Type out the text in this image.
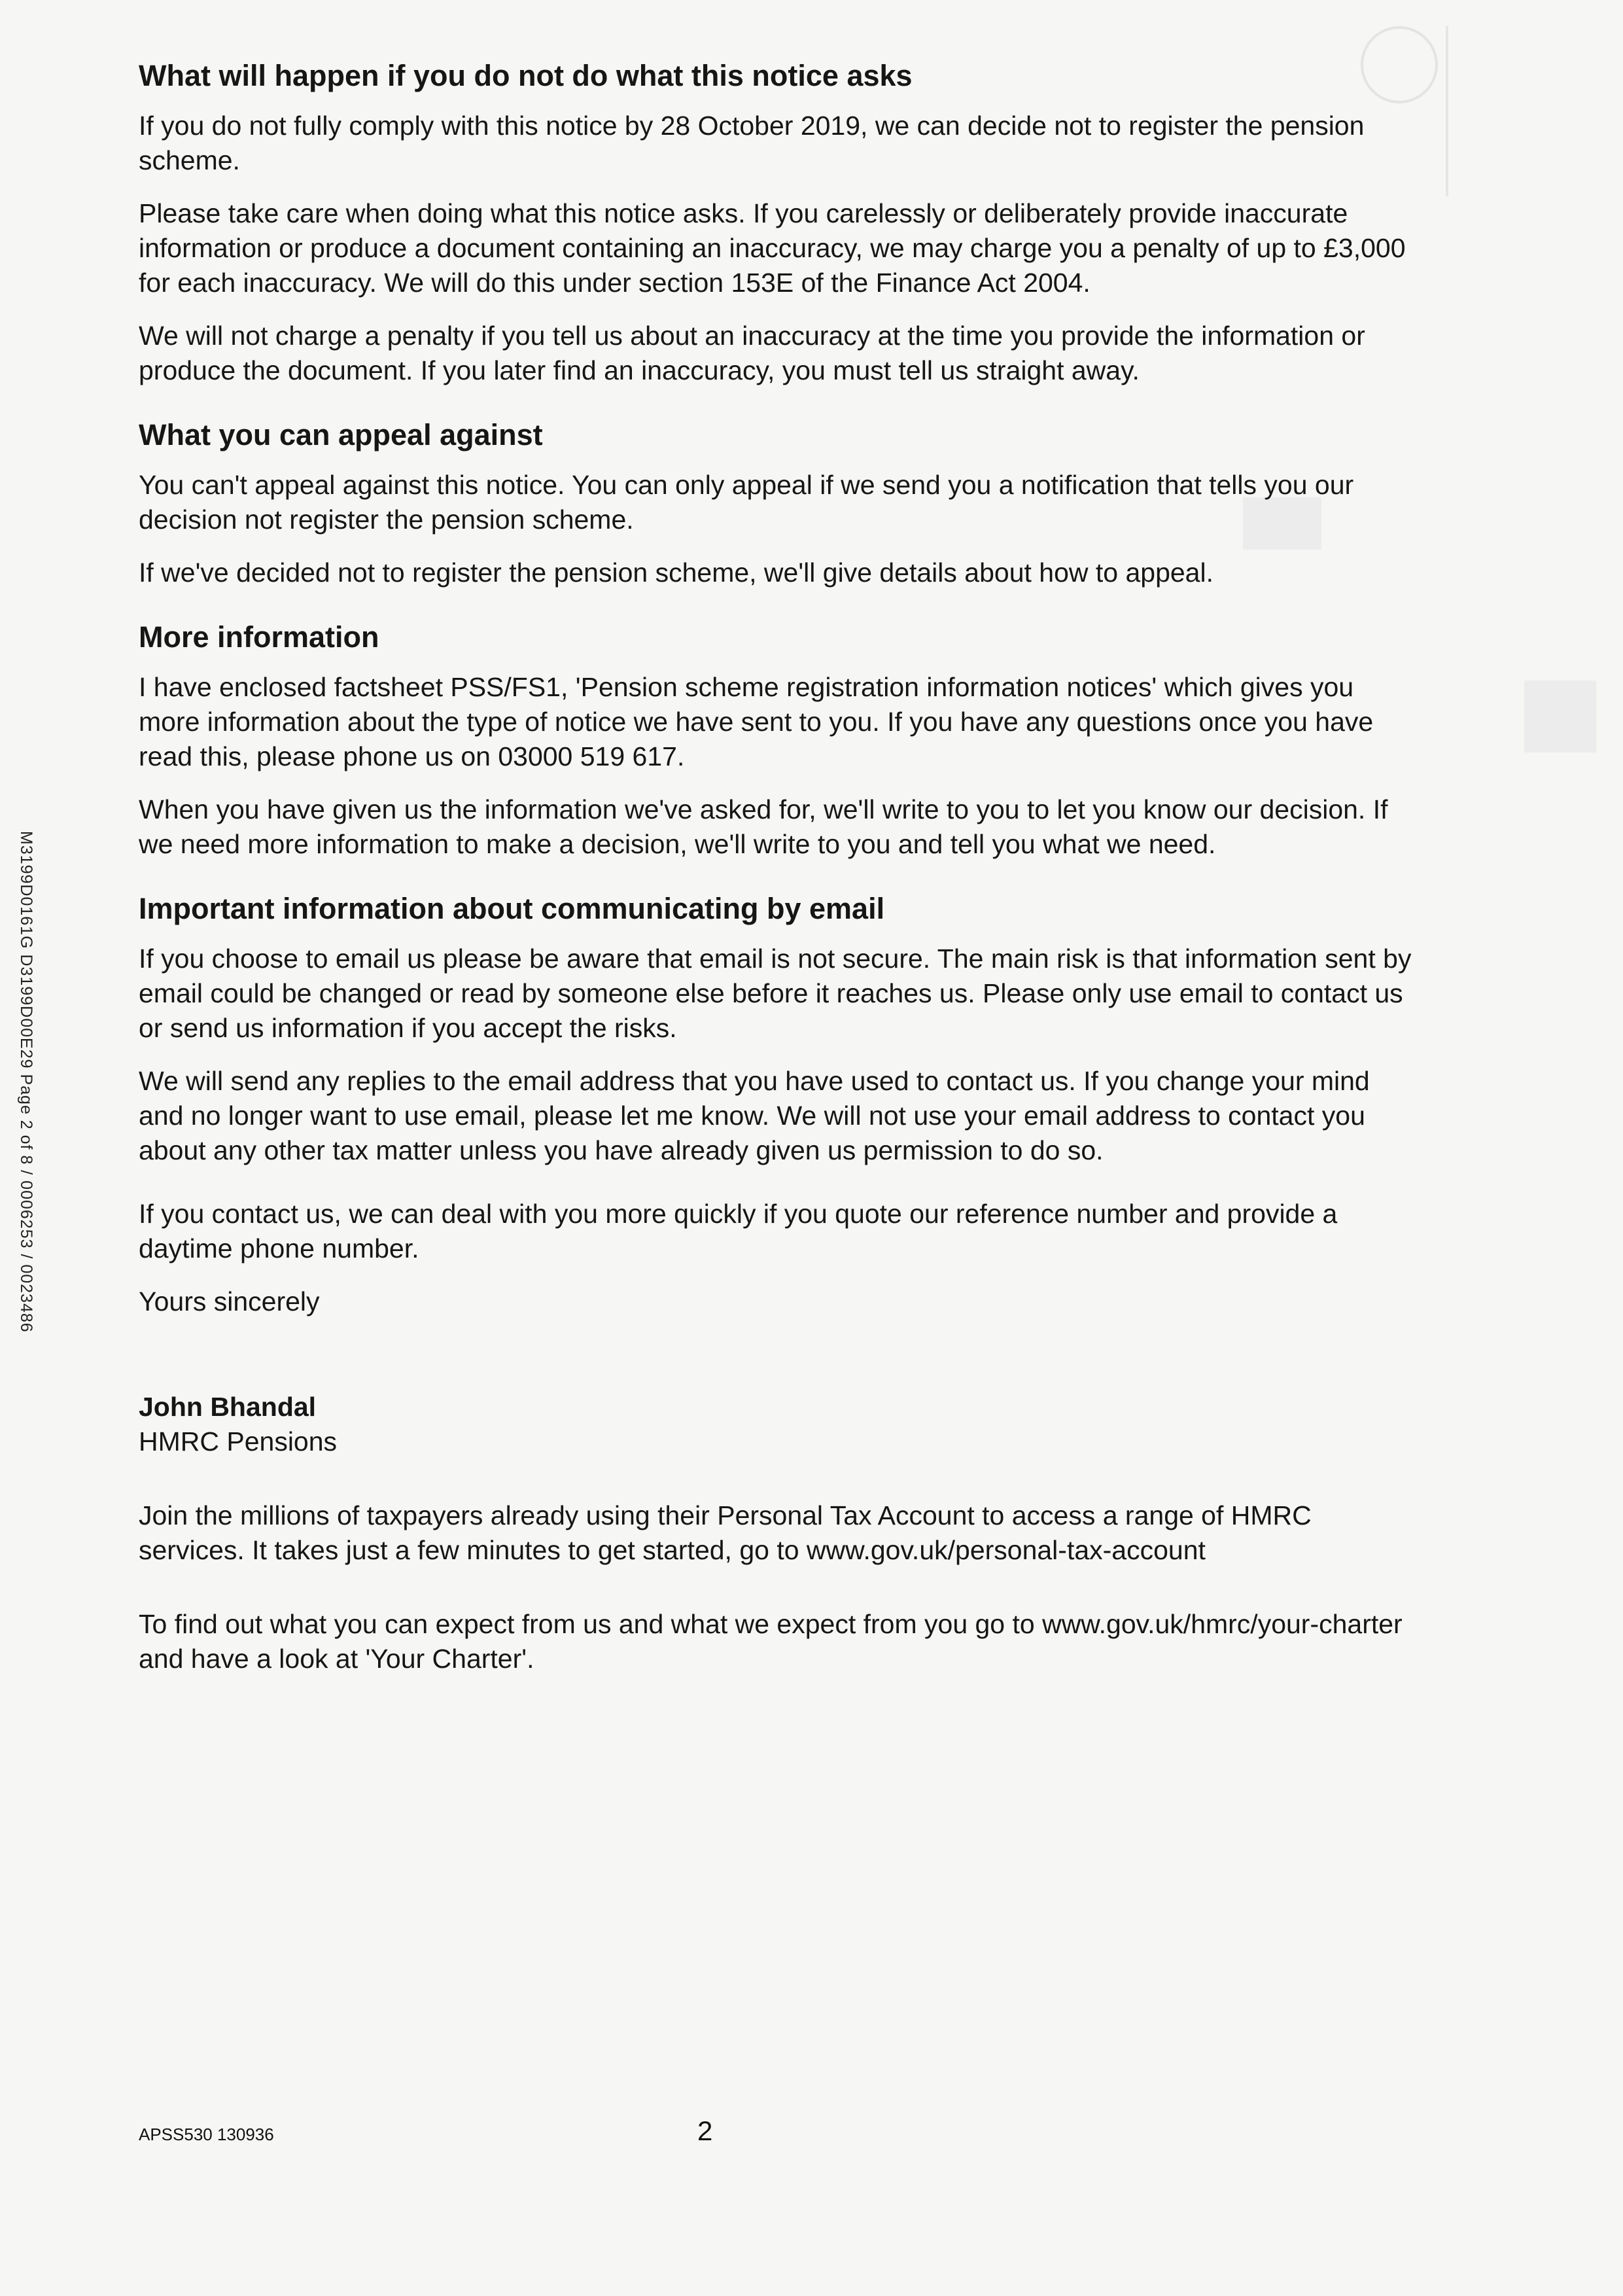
M3199D0161G D3199D00E29 Page 2 of 8 / 0006253 / 0023486
What will happen if you do not do what this notice asks

If you do not fully comply with this notice by 28 October 2019, we can decide not to register the pension scheme.

Please take care when doing what this notice asks. If you carelessly or deliberately provide inaccurate information or produce a document containing an inaccuracy, we may charge you a penalty of up to £3,000 for each inaccuracy. We will do this under section 153E of the Finance Act 2004.

We will not charge a penalty if you tell us about an inaccuracy at the time you provide the information or produce the document. If you later find an inaccuracy, you must tell us straight away.

What you can appeal against

You can't appeal against this notice. You can only appeal if we send you a notification that tells you our decision not register the pension scheme.

If we've decided not to register the pension scheme, we'll give details about how to appeal.

More information

I have enclosed factsheet PSS/FS1, 'Pension scheme registration information notices' which gives you more information about the type of notice we have sent to you. If you have any questions once you have read this, please phone us on 03000 519 617.

When you have given us the information we've asked for, we'll write to you to let you know our decision. If we need more information to make a decision, we'll write to you and tell you what we need.

Important information about communicating by email

If you choose to email us please be aware that email is not secure. The main risk is that information sent by email could be changed or read by someone else before it reaches us. Please only use email to contact us or send us information if you accept the risks.

We will send any replies to the email address that you have used to contact us. If you change your mind and no longer want to use email, please let me know. We will not use your email address to contact you about any other tax matter unless you have already given us permission to do so.

If you contact us, we can deal with you more quickly if you quote our reference number and provide a daytime phone number.

Yours sincerely

John Bhandal

HMRC Pensions

Join the millions of taxpayers already using their Personal Tax Account to access a range of HMRC services. It takes just a few minutes to get started, go to www.gov.uk/personal-tax-account

To find out what you can expect from us and what we expect from you go to www.gov.uk/hmrc/your-charter and have a look at 'Your Charter'.

APSS530 130936	2
